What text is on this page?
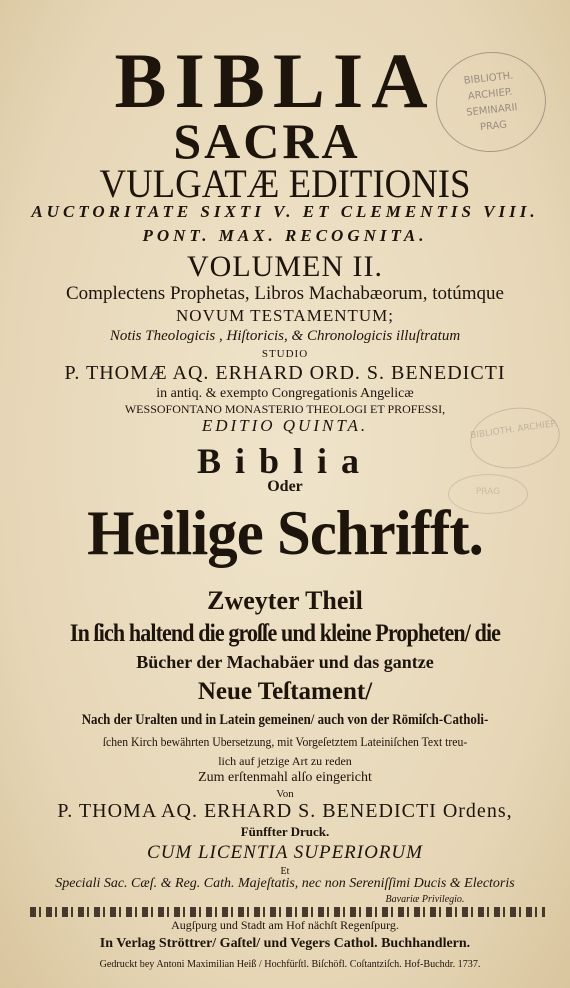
BIBLIA
SACRA
VULGATÆ EDITIONIS
AUCTORITATE SIXTI V. ET CLEMENTIS VIII.
PONT. MAX. RECOGNITA.
VOLUMEN II.
Complectens Prophetas, Libros Machabæorum, totúmque
NOVUM TESTAMENTUM;
Notis Theologicis , Hiſtoricis, & Chronologicis illuſtratum
STUDIO
P. THOMÆ AQ. ERHARD ORD. S. BENEDICTI
in antiq. & exempto Congregationis Angelicæ
WESSOFONTANO MONASTERIO THEOLOGI ET PROFESSI,
EDITIO QUINTA.
Biblia
Oder
Heilige Schrifft.
Zweyter Theil
In ſich haltend die groſſe und kleine Propheten/ die
Bücher der Machabäer und das gantze
Neue Teſtament/
Nach der Uralten und in Latein gemeinen/ auch von der Römiſch-Catholi-
ſchen Kirch bewährten Ubersetzung, mit Vorgeſetztem Lateiniſchen Text treu-
lich auf jetzige Art zu reden
Zum erſtenmahl alſo eingericht
Von
P. THOMA AQ. ERHARD S. BENEDICTI Ordens,
Fünffter Druck.
CUM LICENTIA SUPERIORUM
Et
Speciali Sac. Cæſ. & Reg. Cath. Majeſtatis, nec non Sereniſſimi Ducis & Electoris
Bavariæ Privilegio.
Augſpurg und Stadt am Hof nächſt Regenſpurg.
In Verlag Ströttrer/ Gaſtel/ und Vegers Cathol. Buchhandlern.
Gedruckt bey Antoni Maximilian Heiß / Hochfürſtl. Biſchöfl. Coſtantziſch. Hof-Buchdr. 1737.
BIBLIOTH.
ARCHIEP.
SEMINARII
PRAG
BIBLIOTH. ARCHIEP.
PRAG
